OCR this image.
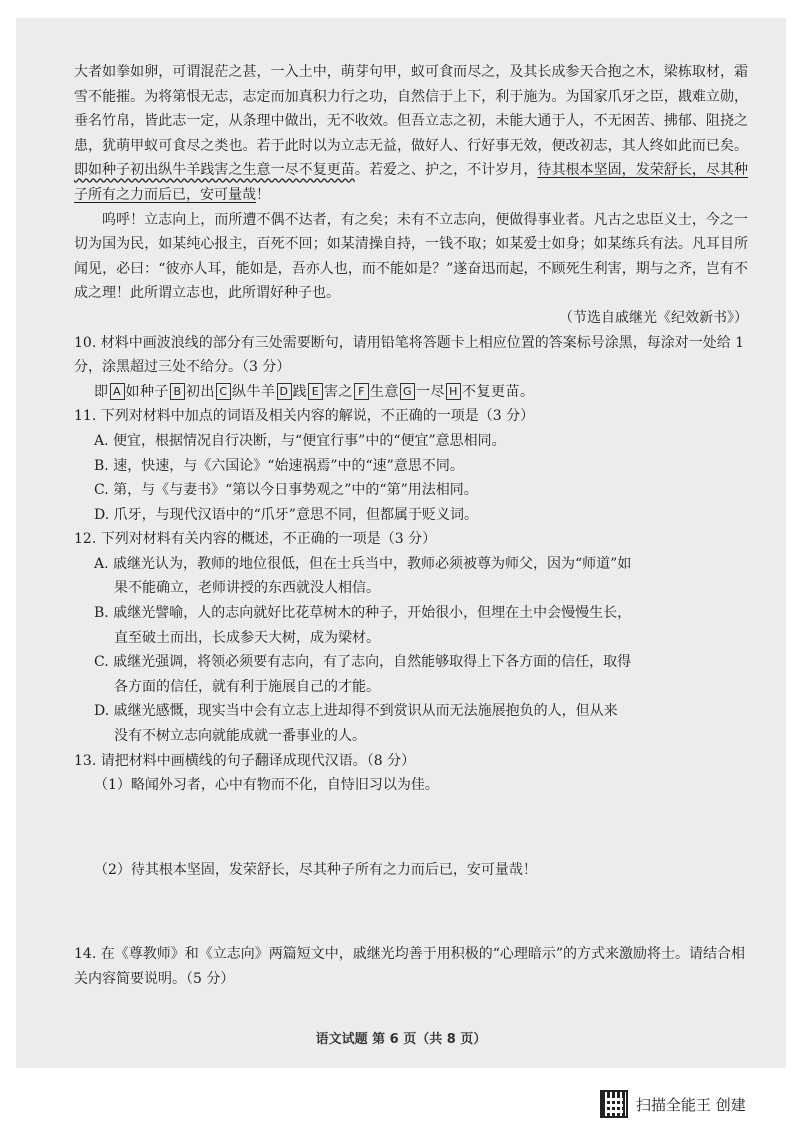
大者如拳如卵，可谓混茫之甚，一入土中，萌芽句甲，蚁可食而尽之，及其长成参天合抱之木，梁栋取材，霜雪不能摧。为将第恨无志，志定而加真积力行之功，自然信于上下，利于施为。为国家爪牙之臣，戡难立勋，垂名竹帛，皆此志一定，从条理中做出，无不收效。但吾立志之初，未能大通于人，不无困苦、拂郁、阻挠之患，犹萌甲蚁可食尽之类也。若于此时以为立志无益，做好人、行好事无效，便改初志，其人终如此而已矣。即如种子初出纵牛羊践害之生意一尽不复更苗。若爱之、护之，不计岁月，待其根本坚固，发荣舒长，尽其种子所有之力而后已，安可量哉！

呜呼！立志向上，而所遭不偶不达者，有之矣；未有不立志向，便做得事业者。凡古之忠臣义士，今之一切为国为民，如某纯心报主，百死不回；如某清操自持，一钱不取；如某爱士如身；如某练兵有法。凡耳目所闻见，必曰：“彼亦人耳，能如是，吾亦人也，而不能如是？”遂奋迅而起，不顾死生利害，期与之齐，岂有不成之理！此所谓立志也，此所谓好种子也。

（节选自戚继光《纪效新书》）

10. 材料中画波浪线的部分有三处需要断句，请用铅笔将答题卡上相应位置的答案标号涂黑，每涂对一处给 1 分，涂黑超过三处不给分。（3 分）

即 A 如种子 B 初出 C 纵牛羊 D 践 E 害之 F 生意 G 一尽 H 不复更苗。

11. 下列对材料中加点的词语及相关内容的解说，不正确的一项是（3 分）

A. 便宜，根据情况自行决断，与“便宜行事”中的“便宜”意思相同。

B. 速，快速，与《六国论》“始速祸焉”中的“速”意思不同。

C. 第，与《与妻书》“第以今日事势观之”中的“第”用法相同。

D. 爪牙，与现代汉语中的“爪牙”意思不同，但都属于贬义词。

12. 下列对材料有关内容的概述，不正确的一项是（3 分）

A. 戚继光认为，教师的地位很低，但在士兵当中，教师必须被尊为师父，因为“师道”如

果不能确立，老师讲授的东西就没人相信。

B. 戚继光譬喻，人的志向就好比花草树木的种子，开始很小，但埋在土中会慢慢生长，

直至破土而出，长成参天大树，成为梁材。

C. 戚继光强调，将领必须要有志向，有了志向，自然能够取得上下各方面的信任，取得

各方面的信任，就有利于施展自己的才能。

D. 戚继光感慨，现实当中会有立志上进却得不到赏识从而无法施展抱负的人，但从来

没有不树立志向就能成就一番事业的人。

13. 请把材料中画横线的句子翻译成现代汉语。（8 分）

（1）略闻外习者，心中有物而不化，自恃旧习以为佳。

（2）待其根本坚固，发荣舒长，尽其种子所有之力而后已，安可量哉！

14. 在《尊教师》和《立志向》两篇短文中，戚继光均善于用积极的“心理暗示”的方式来激励将士。请结合相关内容简要说明。（5 分）

语文试题 第 6 页（共 8 页）
扫描全能王 创建
